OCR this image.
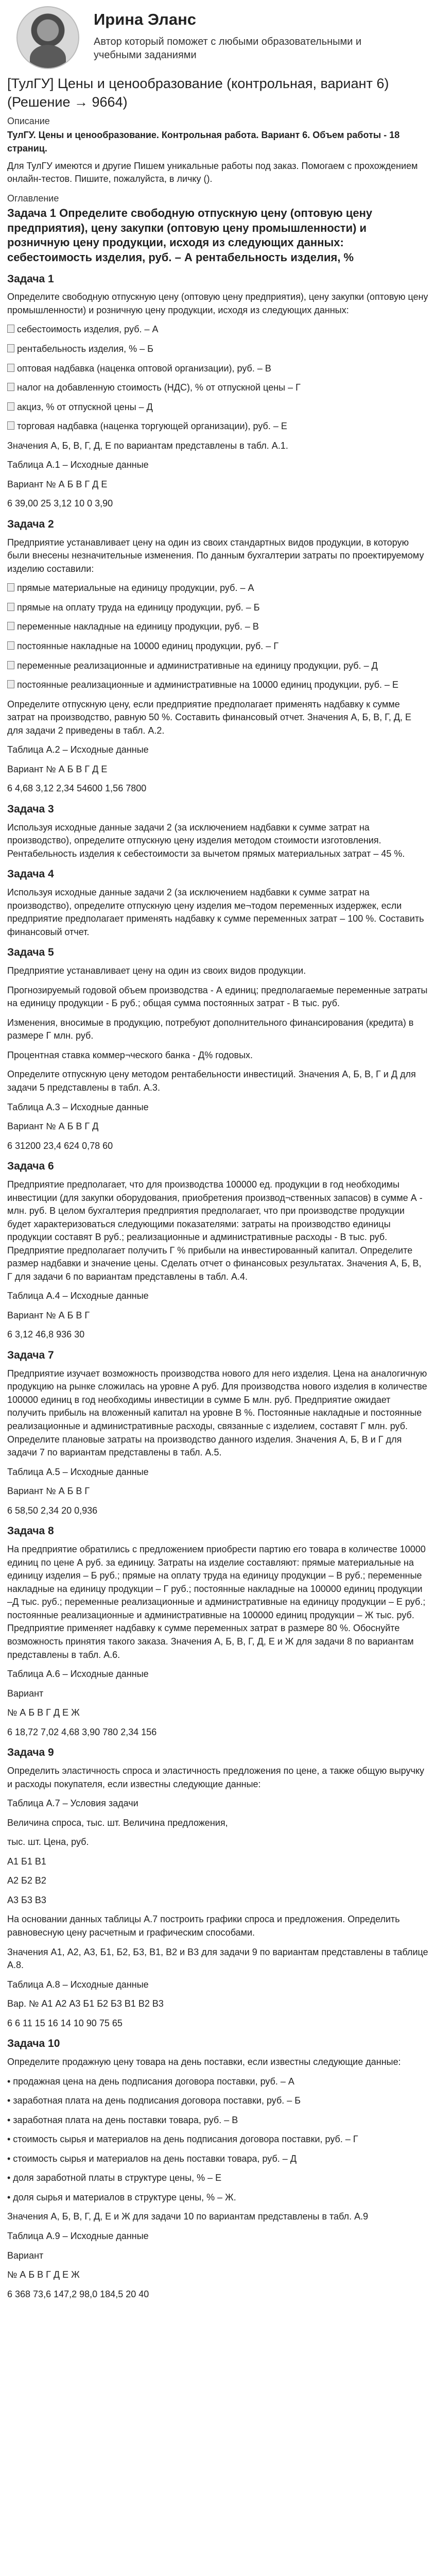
Ирина Эланс
Автор который поможет с любыми образовательными и учебными заданиями
[ТулГУ] Цены и ценообразование (контрольная, вариант 6) (Решение → 9664)
Описание
ТулГУ. Цены и ценообразование. Контрольная работа. Вариант 6. Объем работы - 18 страниц.

Для ТулГУ имеются и другие Пишем уникальные работы под заказ. Помогаем с прохождением онлайн-тестов. Пишите, пожалуйста, в личку ().

Оглавление
Задача 1 Определите свободную отпускную цену (оптовую цену предприятия), цену закупки (оптовую цену промышленности) и розничную цену продукции, исходя из следующих данных: себестоимость изделия, руб. – А рентабельность изделия, %
Задача 1

Определите свободную отпускную цену (оптовую цену предприятия), цену закупки (оптовую цену промышленности) и розничную цену продукции, исходя из следующих данных:

себестоимость изделия, руб. – А

рентабельность изделия, % – Б

оптовая надбавка (наценка оптовой организации), руб. – В

налог на добавленную стоимость (НДС), % от отпускной цены – Г

акциз, % от отпускной цены – Д

торговая надбавка (наценка торгующей организации), руб. – Е

Значения А, Б, В, Г, Д, Е по вариантам представлены в табл. А.1.

Таблица А.1 – Исходные данные

Вариант № А Б В Г Д Е

6 39,00 25 3,12 10 0 3,90

Задача 2

Предприятие устанавливает цену на один из своих стандартных видов продукции, в которую были внесены незначительные изменения. По данным бухгалтерии затраты по проектируемому изделию составили:

прямые материальные на единицу продукции, руб. – А

прямые на оплату труда на единицу продукции, руб. – Б

переменные накладные на единицу продукции, руб. – В

постоянные накладные на 10000 единиц продукции, руб. – Г

переменные реализационные и административные на единицу продукции, руб. – Д

постоянные реализационные и административные на 10000 единиц продукции, руб. – Е

Определите отпускную цену, если предприятие предполагает применять надбавку к сумме затрат на производство, равную 50 %. Составить финансовый отчет. Значения А, Б, В, Г, Д, Е для задачи 2 приведены в табл. А.2.

Таблица А.2 – Исходные данные

Вариант № А Б В Г Д Е

6 4,68 3,12 2,34 54600 1,56 7800

Задача 3

Используя исходные данные задачи 2 (за исключением надбавки к сумме затрат на производство), определите отпускную цену изделия методом стоимости изготовления. Рентабельность изделия к себестоимости за вычетом прямых материальных затрат – 45 %.

Задача 4

Используя исходные данные задачи 2 (за исключением надбавки к сумме затрат на производство), определите отпускную цену изделия ме¬тодом переменных издержек, если предприятие предполагает применять надбавку к сумме переменных затрат – 100 %. Составить финансовый отчет.

Задача 5

Предприятие устанавливает цену на один из своих видов продукции.

Прогнозируемый годовой объем производства - А единиц; предполагаемые переменные затраты на единицу продукции - Б руб.; общая сумма постоянных затрат - В тыс. руб.

Изменения, вносимые в продукцию, потребуют дополнительного финансирования (кредита) в размере Г млн. руб.

Процентная ставка коммер¬ческого банка - Д% годовых.

Определите отпускную цену методом рентабельности инвестиций. Значения А, Б, В, Г и Д для задачи 5 представлены в табл. А.3.

Таблица А.3 – Исходные данные

Вариант № А Б В Г Д

6 31200 23,4 624 0,78 60

Задача 6

Предприятие предполагает, что для производства 100000 ед. продукции в год необходимы инвестиции (для закупки оборудования, приобретения производ¬ственных запасов) в сумме А - млн. руб. В целом бухгалтерия предприятия предполагает, что при производстве продукции будет характеризоваться следующими показателями: затраты на производство единицы продукции составят В руб.; реализационные и административные расходы - В тыс. руб. Предприятие предполагает получить Г % прибыли на инвестированный капитал. Определите размер надбавки и значение цены. Сделать отчет о финансовых результатах. Значения А, Б, В, Г для задачи 6 по вариантам представлены в табл. А.4.

Таблица А.4 – Исходные данные

Вариант № А Б В Г

6 3,12 46,8 936 30

Задача 7

Предприятие изучает возможность производства нового для него изделия. Цена на аналогичную продукцию на рынке сложилась на уровне А руб. Для производства нового изделия в количестве 100000 единиц в год необходимы инвестиции в сумме Б млн. руб. Предприятие ожидает получить прибыль на вложенный капитал на уровне В %. Постоянные накладные и постоянные реализационные и административные расходы, связанные с изделием, составят Г млн. руб. Определите плановые затраты на производство данного изделия. Значения А, Б, В и Г для задачи 7 по вариантам представлены в табл. А.5.

Таблица А.5 – Исходные данные

Вариант № А Б В Г

6 58,50 2,34 20 0,936

Задача 8

На предприятие обратились с предложением приобрести партию его товара в количестве 10000 единиц по цене А руб. за единицу. Затраты на изделие составляют: прямые материальные на единицу изделия – Б руб.; прямые на оплату труда на единицу продукции – В руб.; переменные накладные на единицу продукции – Г руб.; постоянные накладные на 100000 единиц продукции –Д тыс. руб.; переменные реализационные и административные на единицу продукции – Е руб.; постоянные реализационные и административные на 100000 единиц продукции – Ж тыс. руб. Предприятие применяет надбавку к сумме переменных затрат в размере 80 %. Обоснуйте возможность принятия такого заказа. Значения А, Б, В, Г, Д, Е и Ж для задачи 8 по вариантам представлены в табл. А.6.

Таблица А.6 – Исходные данные

Вариант

№ А Б В Г Д Е Ж

6 18,72 7,02 4,68 3,90 780 2,34 156

Задача 9

Определить эластичность спроса и эластичность предложения по цене, а также общую выручку и расходы покупателя, если известны следующие данные:

Таблица А.7 – Условия задачи

Величина спроса, тыс. шт. Величина предложения,

тыс. шт. Цена, руб.

А1 Б1 В1

А2 Б2 В2

А3 Б3 В3

На основании данных таблицы А.7 построить графики спроса и предложения. Определить равновесную цену расчетным и графическим способами.

Значения А1, А2, А3, Б1, Б2, Б3, В1, В2 и В3 для задачи 9 по вариантам представлены в таблице А.8.

Таблица А.8 – Исходные данные

Вар. № А1 А2 А3 Б1 Б2 Б3 В1 В2 В3

6 6 11 15 16 14 10 90 75 65

Задача 10

Определите продажную цену товара на день поставки, если известны следующие данные:

• продажная цена на день подписания договора поставки, руб. – А

• заработная плата на день подписания договора поставки, руб. – Б

• заработная плата на день поставки товара, руб. – В

• стоимость сырья и материалов на день подписания договора поставки, руб. – Г

• стоимость сырья и материалов на день поставки товара, руб. – Д

• доля заработной платы в структуре цены, % – Е

• доля сырья и материалов в структуре цены, % – Ж.

Значения А, Б, В, Г, Д, Е и Ж для задачи 10 по вариантам представлены в табл. А.9

Таблица А.9 – Исходные данные

Вариант

№ А Б В Г Д Е Ж

6 368 73,6 147,2 98,0 184,5 20 40
